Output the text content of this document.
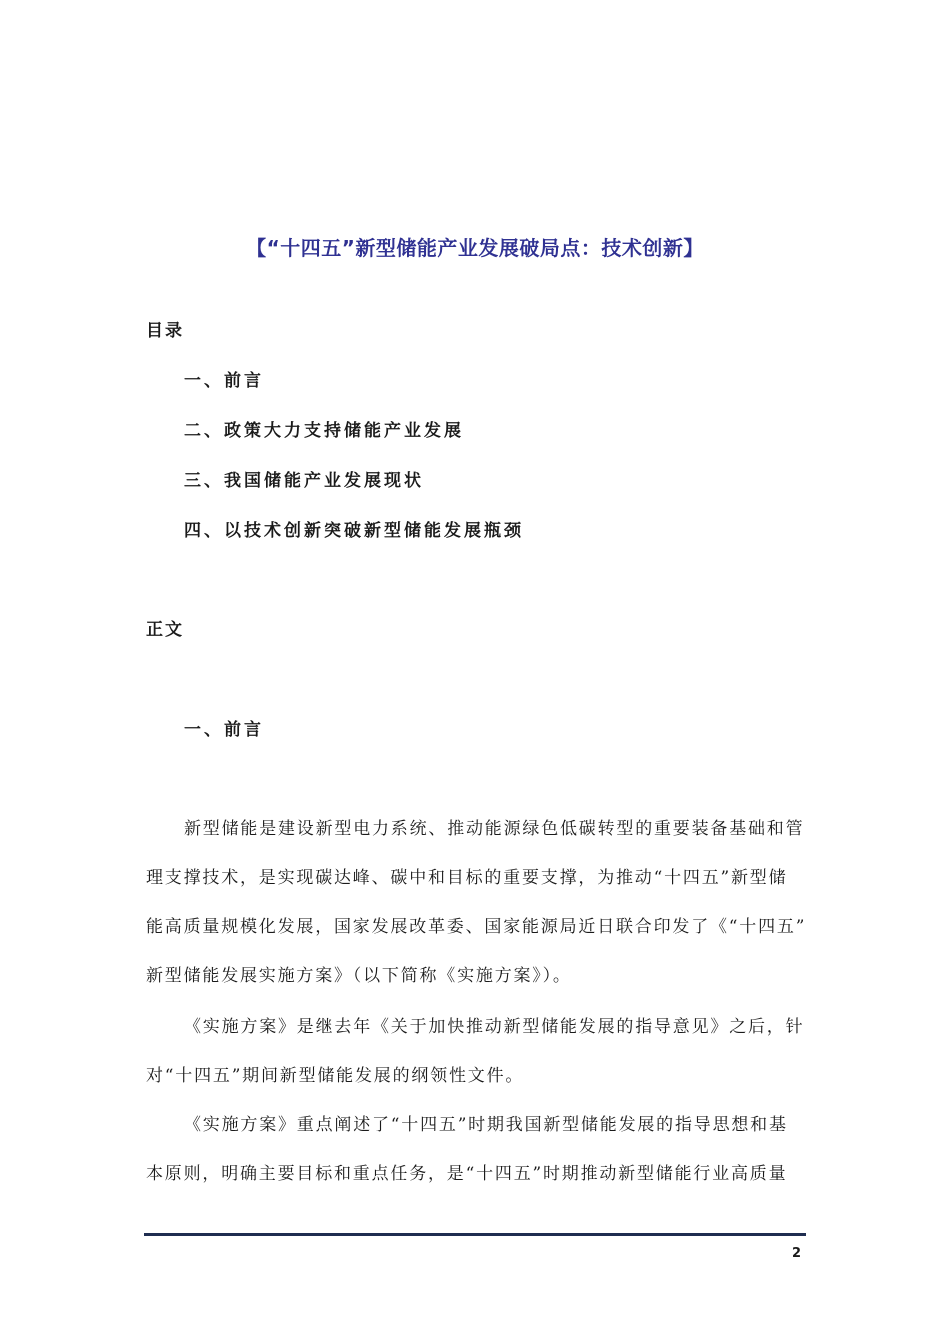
【“十四五”新型储能产业发展破局点：技术创新】
目录
一、前言
二、政策大力支持储能产业发展
三、我国储能产业发展现状
四、以技术创新突破新型储能发展瓶颈
正文
一、前言
新型储能是建设新型电力系统、推动能源绿色低碳转型的重要装备基础和管
理支撑技术，是实现碳达峰、碳中和目标的重要支撑，为推动“十四五”新型储
能高质量规模化发展，国家发展改革委、国家能源局近日联合印发了《“十四五”
新型储能发展实施方案》（以下简称《实施方案》）。
《实施方案》是继去年《关于加快推动新型储能发展的指导意见》之后，针
对“十四五”期间新型储能发展的纲领性文件。
《实施方案》重点阐述了“十四五”时期我国新型储能发展的指导思想和基
本原则，明确主要目标和重点任务，是“十四五”时期推动新型储能行业高质量
2
